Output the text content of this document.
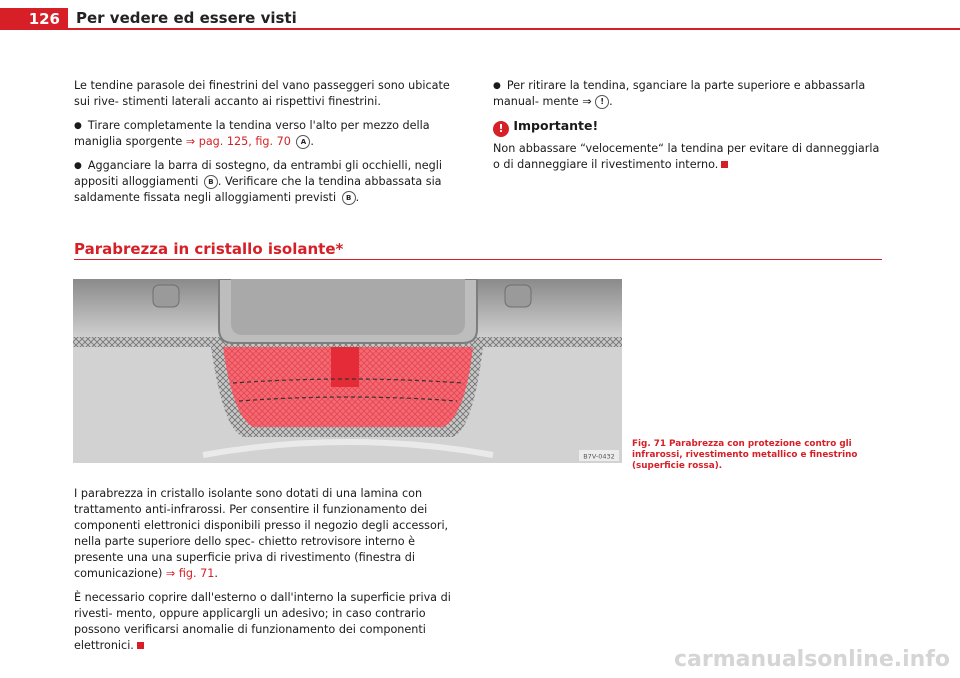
126	Per vedere ed essere visti

Le tendine parasole dei finestrini del vano passeggeri sono ubicate sui rive- stimenti laterali accanto ai rispettivi finestrini.

● Tirare completamente la tendina verso l'alto per mezzo della maniglia sporgente ⇒ pag. 125, fig. 70 A .

● Agganciare la barra di sostegno, da entrambi gli occhielli, negli appositi alloggiamenti B . Verificare che la tendina abbassata sia saldamente fissata negli alloggiamenti previsti B .

● Per ritirare la tendina, sganciare la parte superiore e abbassarla manual- mente ⇒ ! .

! Importante!

Non abbassare “velocemente“ la tendina per evitare di danneggiarla o di danneggiare il rivestimento interno.

Parabrezza in cristallo isolante*
B7V-0432
Fig. 71 Parabrezza con protezione contro gli infrarossi, rivestimento metallico e finestrino (superficie rossa).

I parabrezza in cristallo isolante sono dotati di una lamina con trattamento anti-infrarossi. Per consentire il funzionamento dei componenti elettronici disponibili presso il negozio degli accessori, nella parte superiore dello spec- chietto retrovisore interno è presente una una superficie priva di rivestimento (finestra di comunicazione) ⇒ fig. 71.

È necessario coprire dall'esterno o dall'interno la superficie priva di rivesti- mento, oppure applicargli un adesivo; in caso contrario possono verificarsi anomalie di funzionamento dei componenti elettronici.

carmanualsonline.info
